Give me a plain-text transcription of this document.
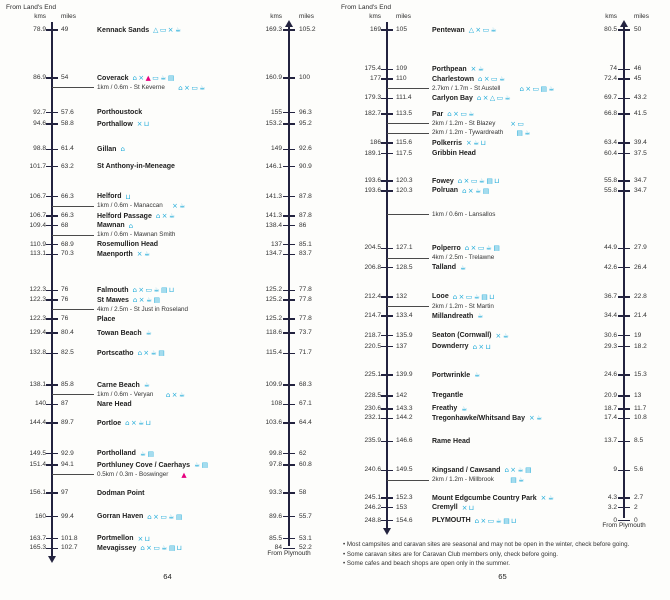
From Land's End
kms miles	kms	miles
From Plymouth
64
78.9 49	Kennack Sands △ ▭ × ☕	169.3	105.2
86.9 54	Coverack ⌂ × ▲ ▭ ☕ ▤	160.9	100
1km / 0.6m - St Keverne ⌂ × ▭ ☕
92.7 57.6	Porthoustock	155	96.3
94.6 58.8	Porthallow × ⊔	153.2	95.2
98.8 61.4	Gillan ⌂	149	92.6
101.7 63.2	St Anthony-in-Meneage	146.1	90.9
106.7 66.3	Helford ⊔	141.3	87.8
1km / 0.6m - Manaccan × ☕
106.7 66.3	Helford Passage ⌂ × ☕	141.3	87.8
109.4 68	Mawnan ⌂	138.4	86
1km / 0.6m - Mawnan Smith
110.9 68.9	Rosemullion Head	137	85.1
113.1 70.3	Maenporth × ☕	134.7	83.7
122.3 76	Falmouth ⌂ × ▭ ☕ ▤ ⊔	125.2	77.8
122.3 76	St Mawes ⌂ × ☕ ▤	125.2	77.8
4km / 2.5m - St Just in Roseland
122.3 76	Place	125.2	77.8
129.4 80.4	Towan Beach ☕	118.6	73.7
132.8 82.5	Portscatho ⌂ × ☕ ▤	115.4	71.7
138.1 85.8	Carne Beach ☕	109.9	68.3
1km / 0.6m - Veryan ⌂ × ☕
140 87	Nare Head	108	67.1
144.4 89.7	Portloe ⌂ × ☕ ⊔	103.6	64.4
149.5 92.9	Portholland ☕ ▤	99.8	62
151.4 94.1	Porthluney Cove / Caerhays ☕ ▤	97.8	60.8
0.5km / 0.3m - Boswinger ▲
156.1 97	Dodman Point	93.3	58
160 99.4	Gorran Haven ⌂ × ▭ ☕ ▤	89.6	55.7
163.7 101.8	Portmellon × ⊔	85.5	53.1
165.3 102.7	Mevagissey ⌂ × ▭ ☕ ▤ ⊔	84	52.2
From Land's End
kms miles	kms	miles
From Plymouth
• Most campsites and caravan sites are seasonal and may not be open in the winter, check before going.
• Some caravan sites are for Caravan Club members only, check before going.
• Some cafes and beach shops are open only in the summer.
65
169 105	Pentewan △ × ▭ ☕	80.5	50
175.4 109	Porthpean × ☕	74	46
177 110	Charlestown ⌂ × ▭ ☕	72.4	45
2.7km / 1.7m - St Austell	⌂ × ▭ ▤ ☕
179.3 111.4	Carlyon Bay ⌂ × △ ▭ ☕	69.7	43.2
182.7 113.5	Par ⌂ × ▭ ☕	66.8	41.5
2km / 1.2m - St Blazey × ▭
2km / 1.2m - Tywardreath ▤ ☕
186 115.6	Polkerris × ☕ ⊔	63.4	39.4
189.1 117.5	Gribbin Head	60.4	37.5
193.6 120.3	Fowey ⌂ × ▭ ☕ ▤ ⊔	55.8	34.7
193.6 120.3	Polruan ⌂ × ☕ ▤	55.8	34.7
1km / 0.6m - Lansallos
204.5 127.1	Polperro ⌂ × ▭ ☕ ▤	44.9	27.9
4km / 2.5m - Trelawne
206.8 128.5	Talland ☕	42.6	26.4
212.4 132	Looe ⌂ × ▭ ☕ ▤ ⊔	36.7	22.8
2km / 1.2m - St Martin
214.7 133.4	Millandreath ☕	34.4	21.4
218.7 135.9	Seaton (Cornwall) × ☕	30.6	19
220.5 137	Downderry ⌂ × ⊔	29.3	18.2
225.1 139.9	Portwrinkle ☕	24.6	15.3
228.5 142	Tregantle	20.9	13
230.6 143.3	Freathy ☕	18.7	11.7
232.1 144.2	Tregonhawke/Whitsand Bay × ☕	17.4	10.8
235.9 146.6	Rame Head	13.7	8.5
240.6 149.5	Kingsand / Cawsand ⌂ × ☕ ▤	9	5.6
2km / 1.2m - Millbrook ▤ ☕
245.1 152.3	Mount Edgcumbe Country Park × ☕	4.3	2.7
246.2 153	Cremyll × ⊔	3.2	2
248.8 154.6	PLYMOUTH ⌂ × ▭ ☕ ▤ ⊔	0	0
